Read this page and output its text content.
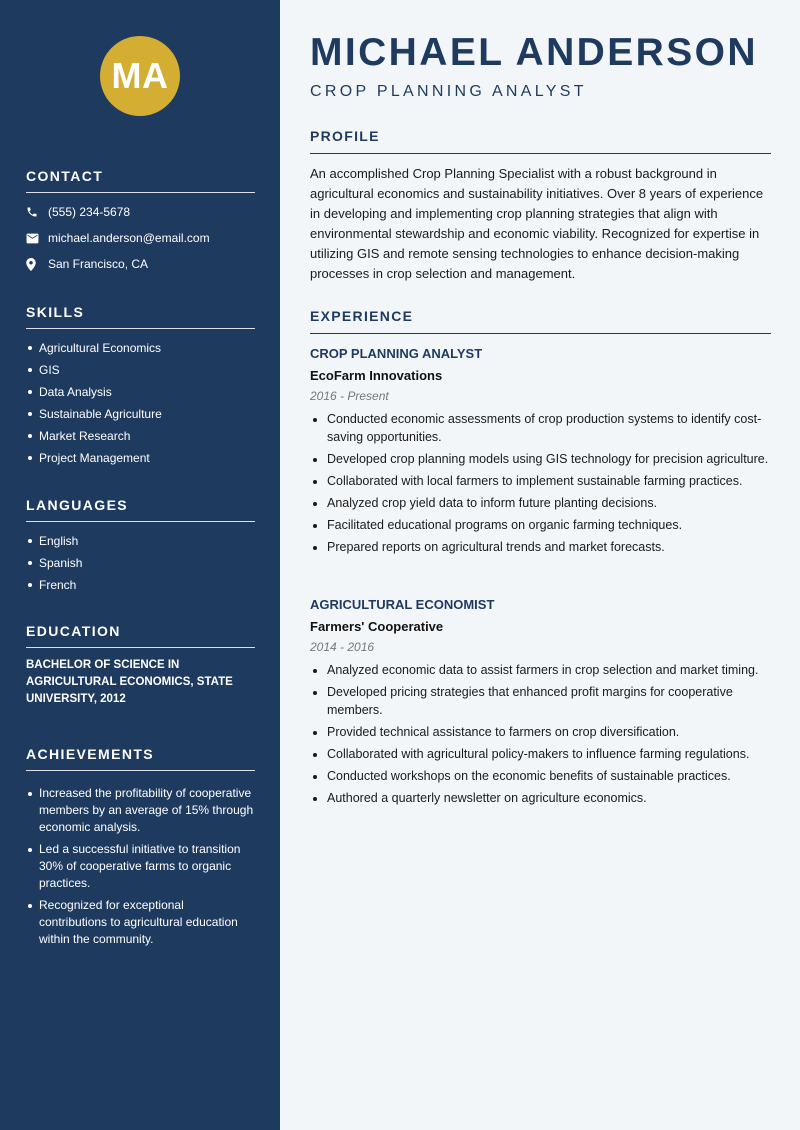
MA
CONTACT
(555) 234-5678
michael.anderson@email.com
San Francisco, CA
SKILLS
Agricultural Economics
GIS
Data Analysis
Sustainable Agriculture
Market Research
Project Management
LANGUAGES
English
Spanish
French
EDUCATION
BACHELOR OF SCIENCE IN AGRICULTURAL ECONOMICS, STATE UNIVERSITY, 2012
ACHIEVEMENTS
Increased the profitability of cooperative members by an average of 15% through economic analysis.
Led a successful initiative to transition 30% of cooperative farms to organic practices.
Recognized for exceptional contributions to agricultural education within the community.
MICHAEL ANDERSON
CROP PLANNING ANALYST
PROFILE

An accomplished Crop Planning Specialist with a robust background in agricultural economics and sustainability initiatives. Over 8 years of experience in developing and implementing crop planning strategies that align with environmental stewardship and economic viability. Recognized for expertise in utilizing GIS and remote sensing technologies to enhance decision-making processes in crop selection and management.

EXPERIENCE
CROP PLANNING ANALYST
EcoFarm Innovations
2016 - Present
Conducted economic assessments of crop production systems to identify cost-saving opportunities.
Developed crop planning models using GIS technology for precision agriculture.
Collaborated with local farmers to implement sustainable farming practices.
Analyzed crop yield data to inform future planting decisions.
Facilitated educational programs on organic farming techniques.
Prepared reports on agricultural trends and market forecasts.
AGRICULTURAL ECONOMIST
Farmers' Cooperative
2014 - 2016
Analyzed economic data to assist farmers in crop selection and market timing.
Developed pricing strategies that enhanced profit margins for cooperative members.
Provided technical assistance to farmers on crop diversification.
Collaborated with agricultural policy-makers to influence farming regulations.
Conducted workshops on the economic benefits of sustainable practices.
Authored a quarterly newsletter on agriculture economics.
